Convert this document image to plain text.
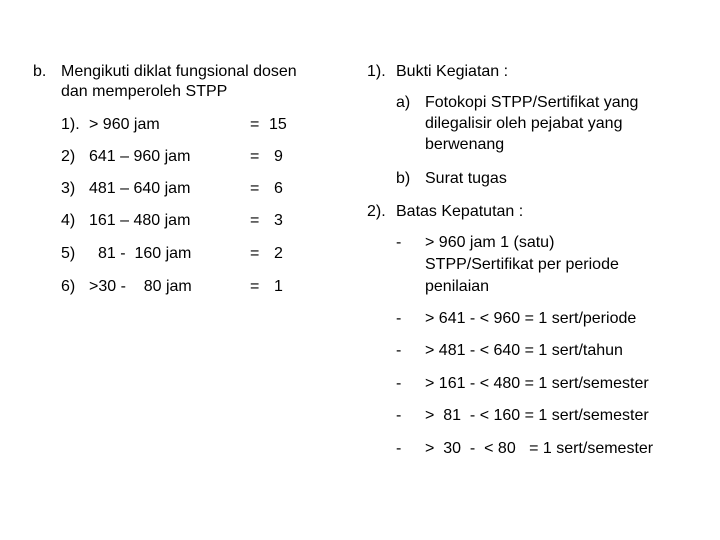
b. Mengikuti diklat fungsional dosen
dan memperoleh STPP
1). > 960 jam	= 15
2) 641 – 960 jam	= 9
3) 481 – 640 jam	= 6
4) 161 – 480 jam	= 3
5) 81 -  160 jam	= 2
6) >30 -    80 jam	= 1
1). Bukti Kegiatan :
a) Fotokopi STPP/Sertifikat yang
dilegalisir oleh pejabat yang
berwenang
b) Surat tugas
2). Batas Kepatutan :
- > 960 jam 1 (satu)
STPP/Sertifikat per periode
penilaian
- > 641 - < 960 = 1 sert/periode
- > 481 - < 640 = 1 sert/tahun
- > 161 - < 480 = 1 sert/semester
- >  81  - < 160 = 1 sert/semester
- >  30  -  < 80   = 1 sert/semester
